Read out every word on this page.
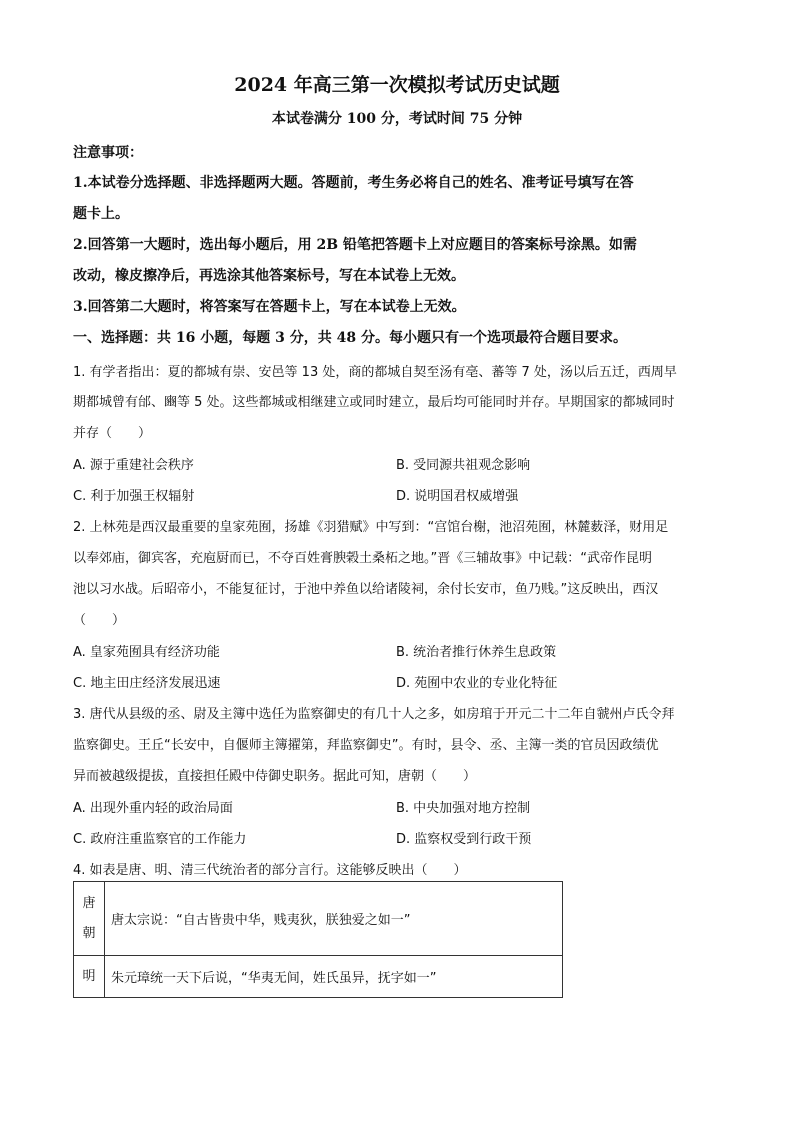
2024 年高三第一次模拟考试历史试题
本试卷满分 100 分，考试时间 75 分钟
注意事项：
1.本试卷分选择题、非选择题两大题。答题前，考生务必将自己的姓名、准考证号填写在答
题卡上。
2.回答第一大题时，选出每小题后，用 2B 铅笔把答题卡上对应题目的答案标号涂黑。如需
改动，橡皮擦净后，再选涂其他答案标号，写在本试卷上无效。
3.回答第二大题时，将答案写在答题卡上，写在本试卷上无效。
一、选择题：共 16 小题，每题 3 分，共 48 分。每小题只有一个选项最符合题目要求。
1. 有学者指出：夏的都城有崇、安邑等 13 处，商的都城自契至汤有亳、蕃等 7 处，汤以后五迁，西周早
期都城曾有邰、豳等 5 处。这些都城或相继建立或同时建立，最后均可能同时并存。早期国家的都城同时
并存（　　）
A. 源于重建社会秩序	B. 受同源共祖观念影响
C. 利于加强王权辐射	D. 说明国君权威增强
2. 上林苑是西汉最重要的皇家苑囿，扬雄《羽猎赋》中写到：“宫馆台榭，池沼苑囿，林麓薮泽，财用足
以奉郊庙，御宾客，充庖厨而已，不夺百姓膏腴榖土桑柘之地。”晋《三辅故事》中记载：“武帝作昆明
池以习水战。后昭帝小，不能复征讨，于池中养鱼以给诸陵祠，余付长安市，鱼乃贱。”这反映出，西汉
（　　）
A. 皇家苑囿具有经济功能	B. 统治者推行休养生息政策
C. 地主田庄经济发展迅速	D. 苑囿中农业的专业化特征
3. 唐代从县级的丞、尉及主簿中选任为监察御史的有几十人之多，如房琯于开元二十二年自虢州卢氏令拜
监察御史。王丘“长安中，自偃师主簿擢第，拜监察御史”。有时，县令、丞、主簿一类的官员因政绩优
异而被越级提拔，直接担任殿中侍御史职务。据此可知，唐朝（　　）
A. 出现外重内轻的政治局面	B. 中央加强对地方控制
C. 政府注重监察官的工作能力	D. 监察权受到行政干预
4. 如表是唐、明、清三代统治者的部分言行。这能够反映出（　　）
唐
朝	唐太宗说：“自古皆贵中华，贱夷狄，朕独爱之如一”
明	朱元璋统一天下后说，“华夷无间，姓氏虽异，抚字如一”
